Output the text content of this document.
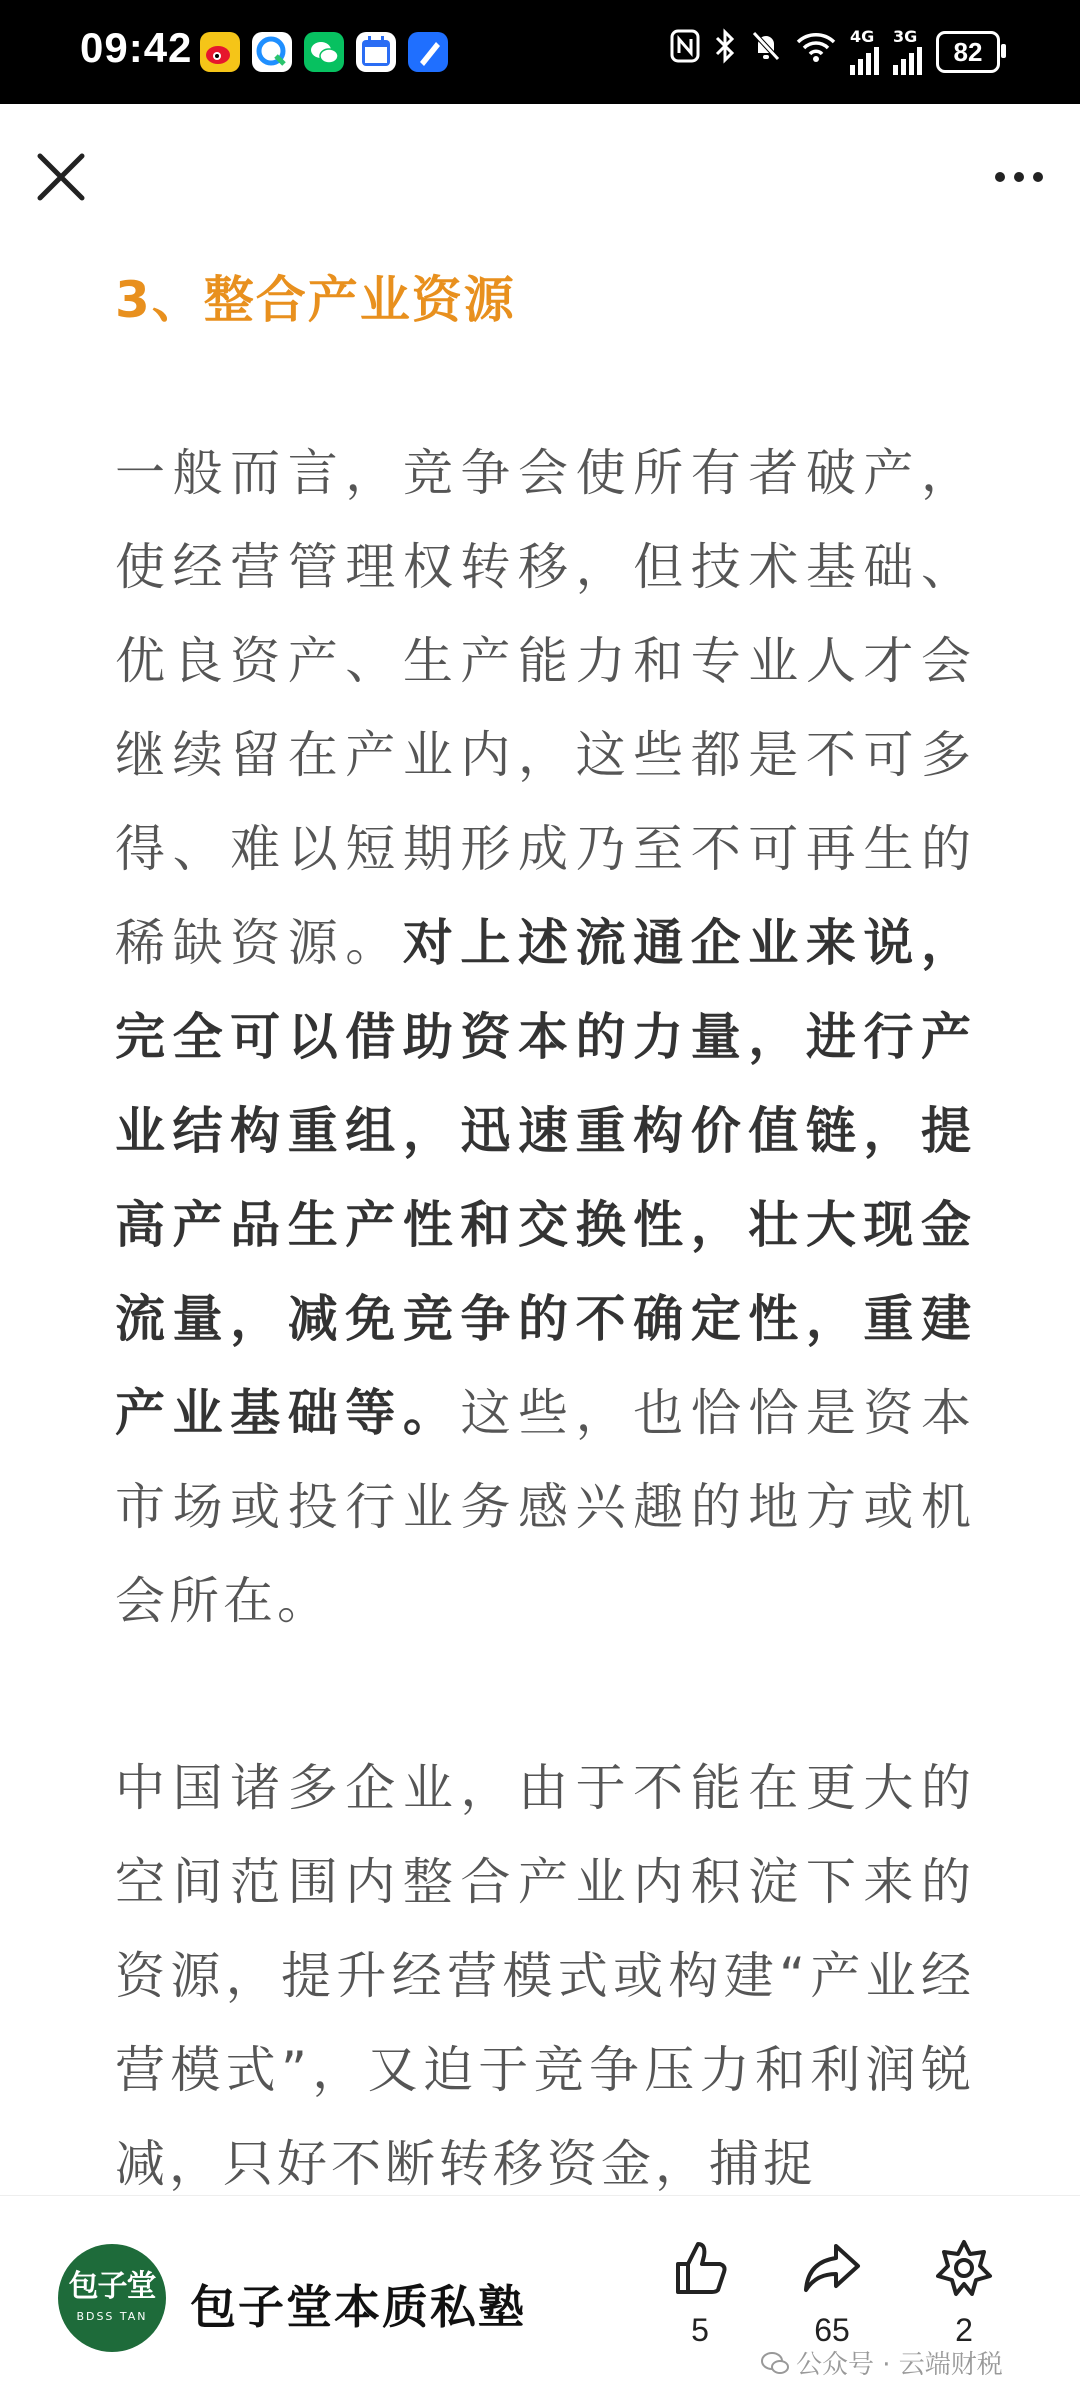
09:42	4G 3G	82
3、整合产业资源

一般而言，竞争会使所有者破产，使经营管理权转移，但技术基础、优良资产、生产能力和专业人才会继续留在产业内，这些都是不可多得、难以短期形成乃至不可再生的稀缺资源。对上述流通企业来说，完全可以借助资本的力量，进行产业结构重组，迅速重构价值链，提高产品生产性和交换性，壮大现金流量，减免竞争的不确定性，重建产业基础等。这些，也恰恰是资本市场或投行业务感兴趣的地方或机会所在。

中国诸多企业，由于不能在更大的空间范围内整合产业内积淀下来的资源，提升经营模式或构建“产业经营模式”，又迫于竞争压力和利润锐减，只好不断转移资金，捕捉

包子堂
BDSS TAN 包子堂本质私塾	5	65	2
公众号 · 云端财税
